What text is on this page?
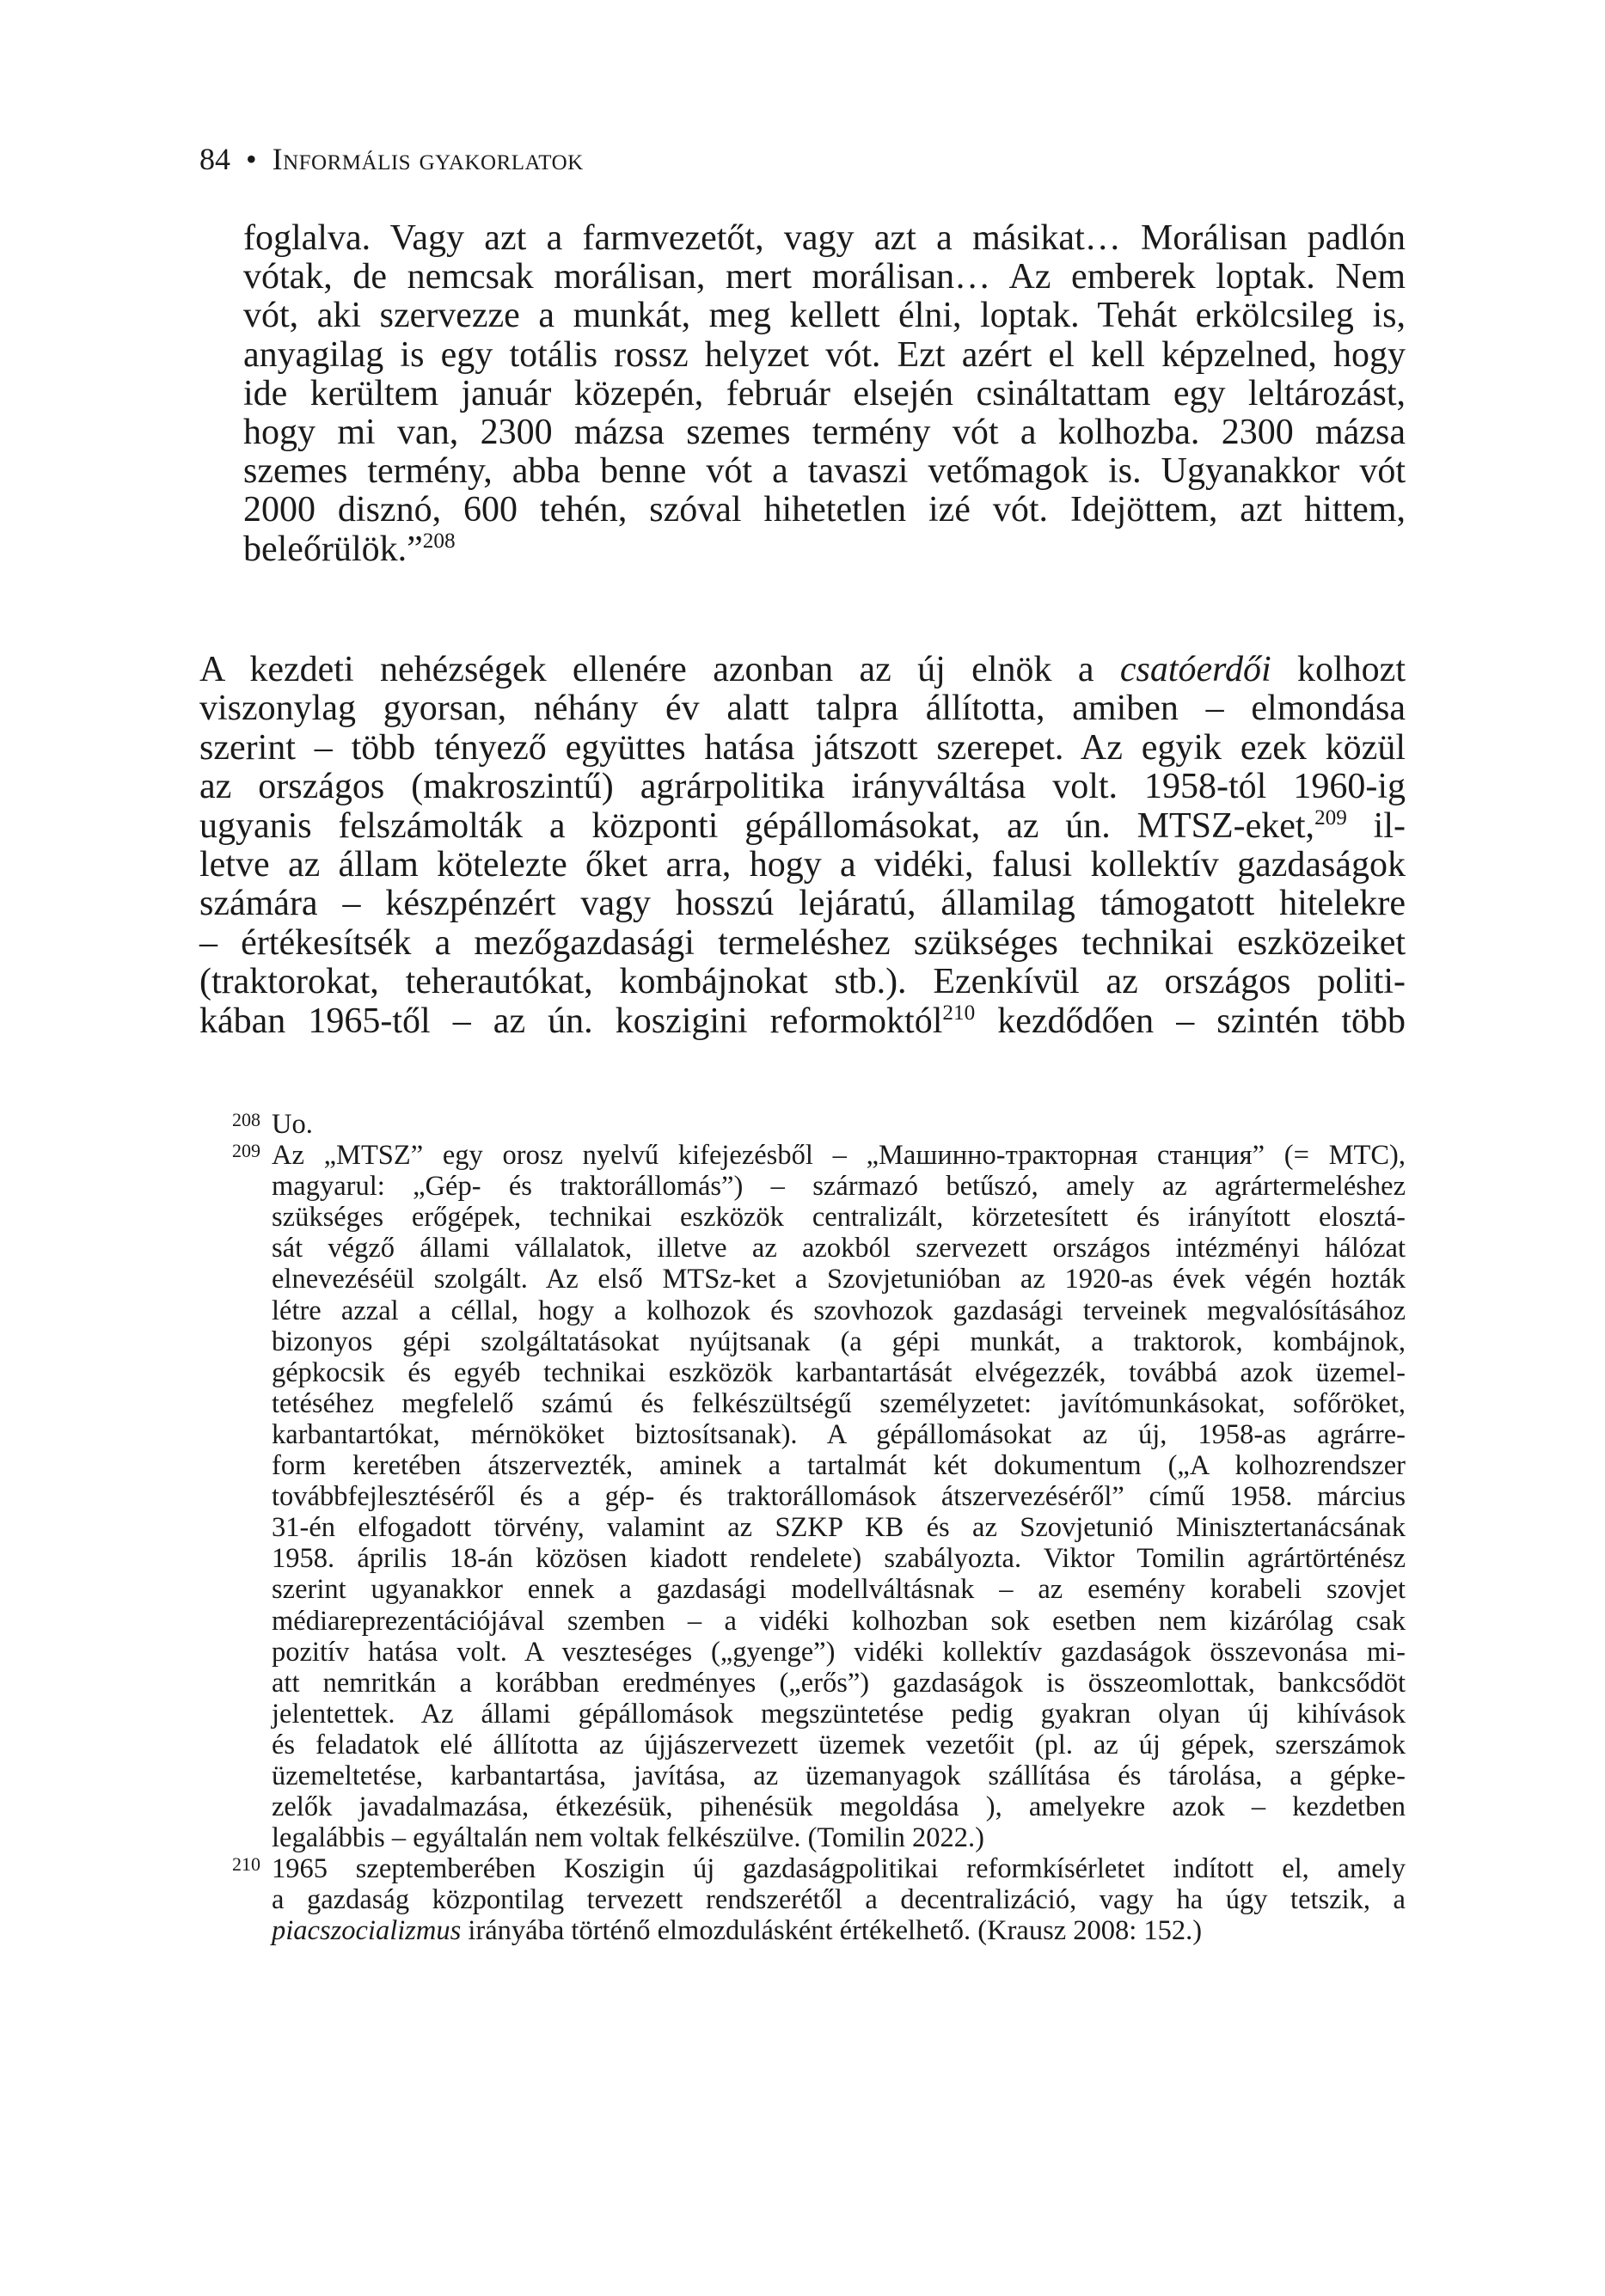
84 • Informális gyakorlatok
foglalva. Vagy azt a farmvezetőt, vagy azt a másikat… Morálisan padlón
vótak, de nemcsak morálisan, mert morálisan… Az emberek loptak. Nem
vót, aki szervezze a munkát, meg kellett élni, loptak. Tehát erkölcsileg is,
anyagilag is egy totális rossz helyzet vót. Ezt azért el kell képzelned, hogy
ide kerültem január közepén, február elsején csináltattam egy leltározást,
hogy mi van, 2300 mázsa szemes termény vót a kolhozba. 2300 mázsa
szemes termény, abba benne vót a tavaszi vetőmagok is. Ugyanakkor vót
2000 disznó, 600 tehén, szóval hihetetlen izé vót. Idejöttem, azt hittem,
beleőrülök.”$^{208}$
A kezdeti nehézségek ellenére azonban az új elnök a csatóerdői kolhozt
viszonylag gyorsan, néhány év alatt talpra állította, amiben – elmondása
szerint – több tényező együttes hatása játszott szerepet. Az egyik ezek közül
az országos (makroszintű) agrárpolitika irányváltása volt. 1958-tól 1960-ig
ugyanis felszámolták a központi gépállomásokat, az ún. MTSZ-eket,$^{209}$ il-
letve az állam kötelezte őket arra, hogy a vidéki, falusi kollektív gazdaságok
számára – készpénzért vagy hosszú lejáratú, államilag támogatott hitelekre
– értékesítsék a mezőgazdasági termeléshez szükséges technikai eszközeiket
(traktorokat, teherautókat, kombájnokat stb.). Ezenkívül az országos politi-
kában 1965-től – az ún. koszigini reformoktól$^{210}$ kezdődően – szintén több
208 Uo.
209 Az „MTSZ” egy orosz nyelvű kifejezésből – „Машинно-тракторная станция” (= MTC),
magyarul: „Gép- és traktorállomás”) – származó betűszó, amely az agrártermeléshez
szükséges erőgépek, technikai eszközök centralizált, körzetesített és irányított elosztá-
sát végző állami vállalatok, illetve az azokból szervezett országos intézményi hálózat
elnevezéséül szolgált. Az első MTSz-ket a Szovjetunióban az 1920-as évek végén hozták
létre azzal a céllal, hogy a kolhozok és szovhozok gazdasági terveinek megvalósításához
bizonyos gépi szolgáltatásokat nyújtsanak (a gépi munkát, a traktorok, kombájnok,
gépkocsik és egyéb technikai eszközök karbantartását elvégezzék, továbbá azok üzemel-
tetéséhez megfelelő számú és felkészültségű személyzetet: javítómunkásokat, sofőröket,
karbantartókat, mérnököket biztosítsanak). A gépállomásokat az új, 1958-as agrárre-
form keretében átszervezték, aminek a tartalmát két dokumentum („A kolhozrendszer
továbbfejlesztéséről és a gép- és traktorállomások átszervezéséről” című 1958. március
31-én elfogadott törvény, valamint az SZKP KB és az Szovjetunió Minisztertanácsának
1958. április 18-án közösen kiadott rendelete) szabályozta. Viktor Tomilin agrártörténész
szerint ugyanakkor ennek a gazdasági modellváltásnak – az esemény korabeli szovjet
médiareprezentációjával szemben – a vidéki kolhozban sok esetben nem kizárólag csak
pozitív hatása volt. A veszteséges („gyenge”) vidéki kollektív gazdaságok összevonása mi-
att nemritkán a korábban eredményes („erős”) gazdaságok is összeomlottak, bankcsődöt
jelentettek. Az állami gépállomások megszüntetése pedig gyakran olyan új kihívások
és feladatok elé állította az újjászervezett üzemek vezetőit (pl. az új gépek, szerszámok
üzemeltetése, karbantartása, javítása, az üzemanyagok szállítása és tárolása, a gépke-
zelők javadalmazása, étkezésük, pihenésük megoldása ), amelyekre azok – kezdetben
legalábbis – egyáltalán nem voltak felkészülve. (Tomilin 2022.)
210 1965 szeptemberében Koszigin új gazdaságpolitikai reformkísérletet indított el, amely
a gazdaság központilag tervezett rendszerétől a decentralizáció, vagy ha úgy tetszik, a
piacszocializmus irányába történő elmozdulásként értékelhető. (Krausz 2008: 152.)
